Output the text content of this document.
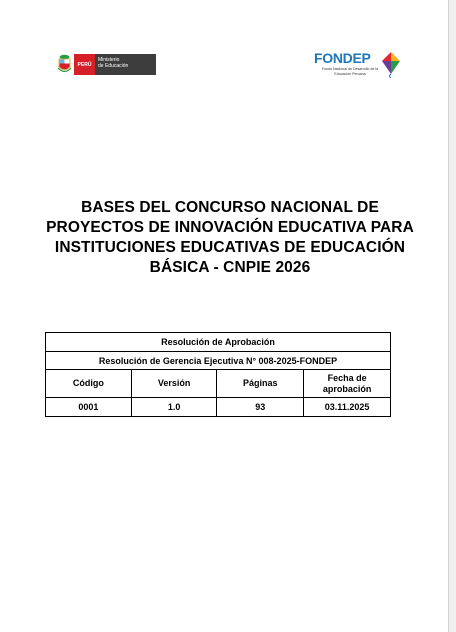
PERÚ
Ministerio
de Educación	FONDEP
Fondo Nacional de Desarrollo de la Educación Peruana
BASES DEL CONCURSO NACIONAL DE
PROYECTOS DE INNOVACIÓN EDUCATIVA PARA
INSTITUCIONES EDUCATIVAS DE EDUCACIÓN
BÁSICA - CNPIE 2026
Resolución de Aprobación			
Resolución de Gerencia Ejecutiva N° 008-2025-FONDEP			
Código	Versión	Páginas	Fecha de aprobación
0001	1.0	93	03.11.2025
